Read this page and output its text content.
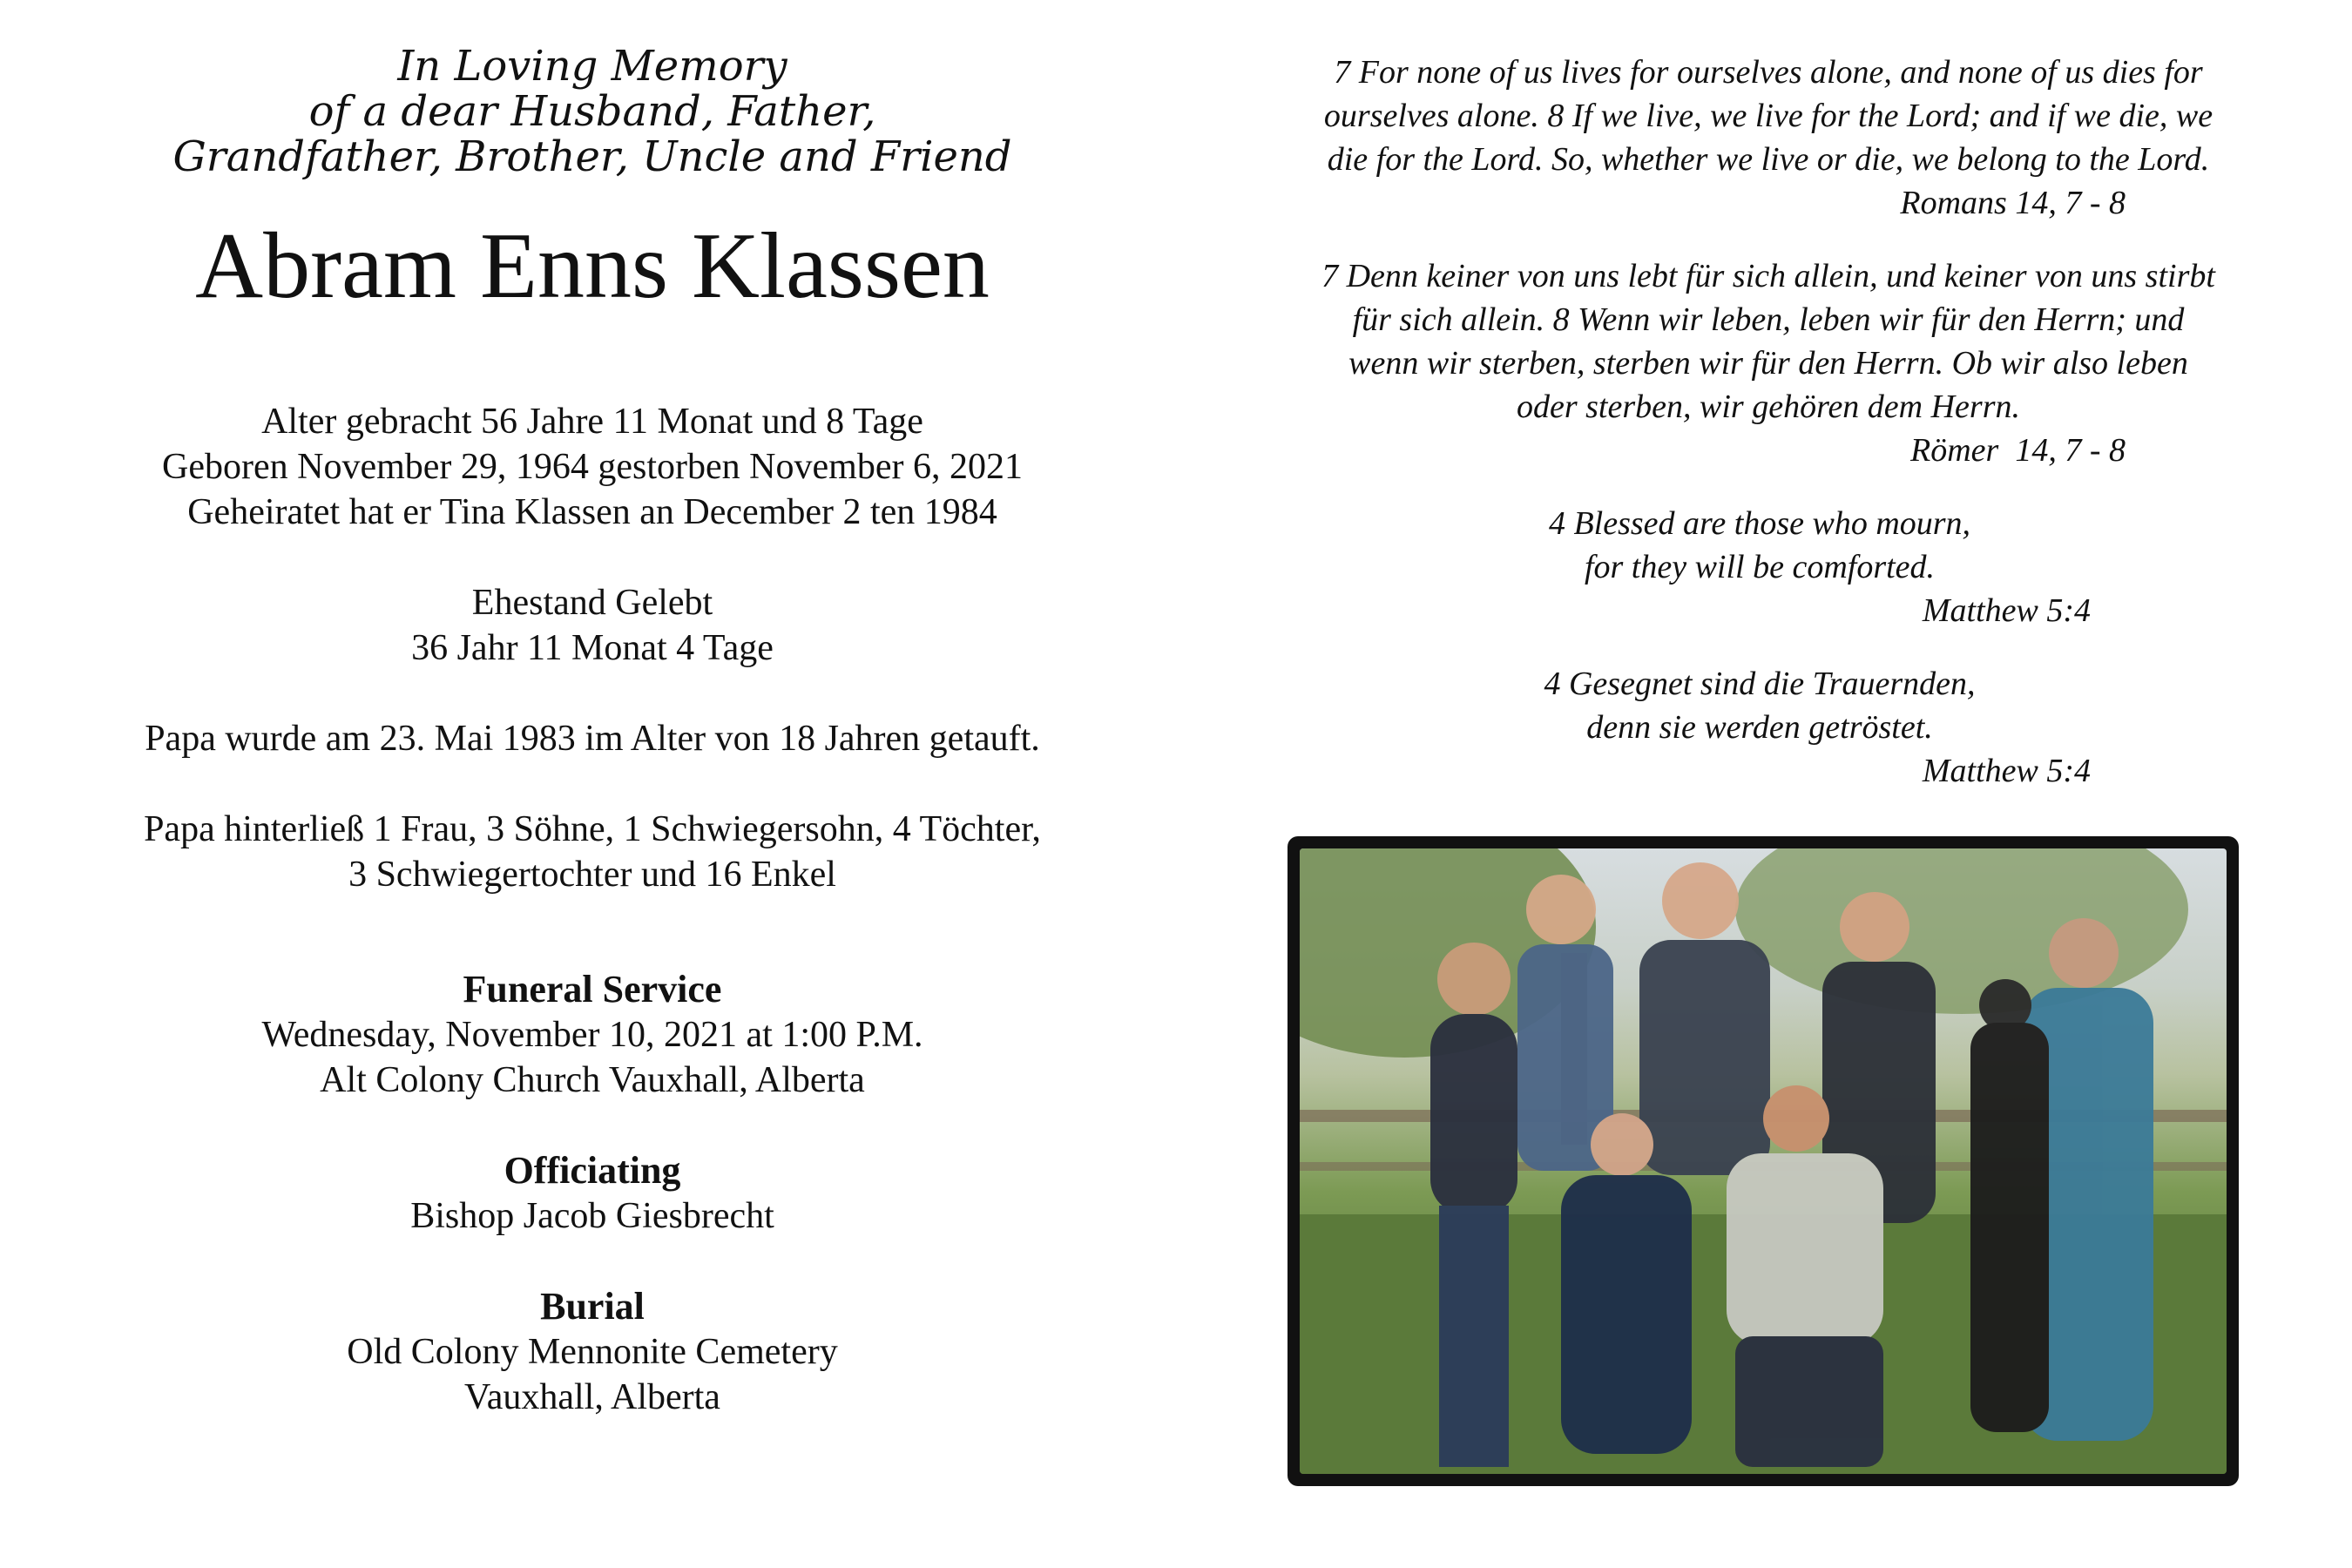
In Loving Memory

of a dear Husband, Father,

Grandfather, Brother, Uncle and Friend

Abram Enns Klassen

Alter gebracht 56 Jahre 11 Monat und 8 Tage

Geboren November 29, 1964 gestorben November 6, 2021

Geheiratet hat er Tina Klassen an December 2 ten 1984

Ehestand Gelebt

36 Jahr 11 Monat 4 Tage

Papa wurde am 23. Mai 1983 im Alter von 18 Jahren getauft.

Papa hinterließ 1 Frau, 3 Söhne, 1 Schwiegersohn, 4 Töchter,

3 Schwiegertochter und 16 Enkel

Funeral Service

Wednesday, November 10, 2021 at 1:00 P.M.

Alt Colony Church Vauxhall, Alberta

Officiating

Bishop Jacob Giesbrecht

Burial

Old Colony Mennonite Cemetery

Vauxhall, Alberta

7 For none of us lives for ourselves alone, and none of us dies for

ourselves alone. 8 If we live, we live for the Lord; and if we die, we

die for the Lord. So, whether we live or die, we belong to the Lord.

Romans 14, 7 - 8

7 Denn keiner von uns lebt für sich allein, und keiner von uns stirbt

für sich allein. 8 Wenn wir leben, leben wir für den Herrn; und

wenn wir sterben, sterben wir für den Herrn. Ob wir also leben

oder sterben, wir gehören dem Herrn.

Römer  14, 7 - 8

4 Blessed are those who mourn,

for they will be comforted.

Matthew 5:4

4 Gesegnet sind die Trauernden,

denn sie werden getröstet.

Matthew 5:4
